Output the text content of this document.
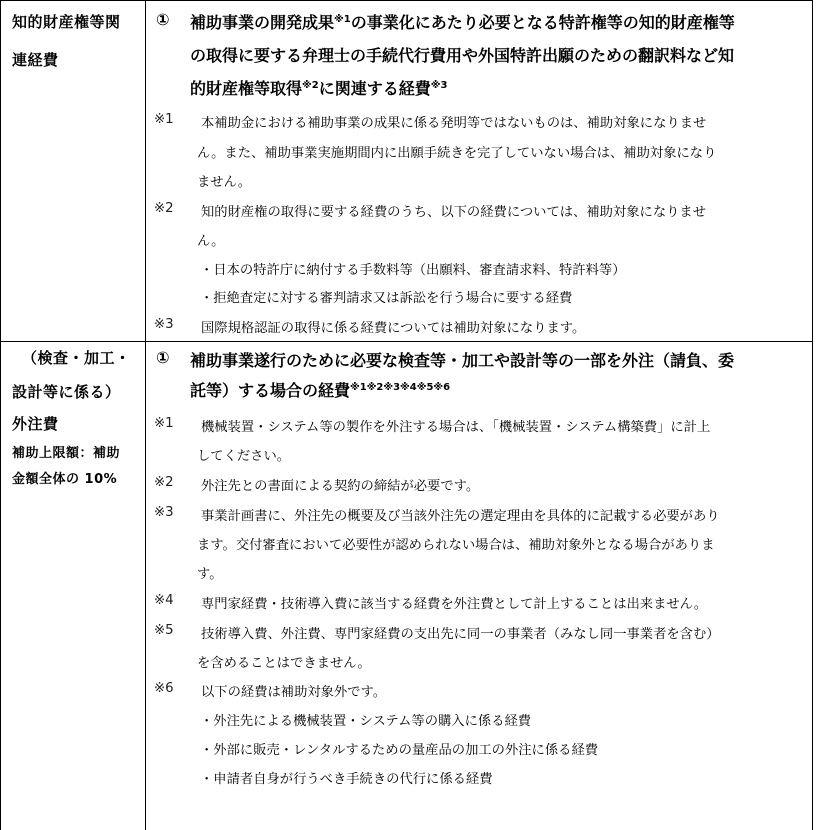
知的財産権等関
連経費
① 補助事業の開発成果$^{※1}$の事業化にあたり必要となる特許権等の知的財産権等
の取得に要する弁理士の手続代行費用や外国特許出願のための翻訳料など知
的財産権等取得$^{※2}$に関連する経費$^{※3}$
※1 本補助金における補助事業の成果に係る発明等ではないものは、補助対象になりませ
ん。また、補助事業実施期間内に出願手続きを完了していない場合は、補助対象になり
ません。
※2 知的財産権の取得に要する経費のうち、以下の経費については、補助対象になりませ
ん。
・日本の特許庁に納付する手数料等（出願料、審査請求料、特許料等）
・拒絶査定に対する審判請求又は訴訟を行う場合に要する経費
※3 国際規格認証の取得に係る経費については補助対象になります。
（検査・加工・
設計等に係る）
外注費
補助上限額：補助
金額全体の 10%
① 補助事業遂行のために必要な検査等・加工や設計等の一部を外注（請負、委
託等）する場合の経費$^{※1※2※3※4※5※6}$
※1 機械装置・システム等の製作を外注する場合は、「機械装置・システム構築費」に計上
してください。
※2 外注先との書面による契約の締結が必要です。
※3 事業計画書に、外注先の概要及び当該外注先の選定理由を具体的に記載する必要があり
ます。交付審査において必要性が認められない場合は、補助対象外となる場合がありま
す。
※4 専門家経費・技術導入費に該当する経費を外注費として計上することは出来ません。
※5 技術導入費、外注費、専門家経費の支出先に同一の事業者（みなし同一事業者を含む）
を含めることはできません。
※6 以下の経費は補助対象外です。
・外注先による機械装置・システム等の購入に係る経費
・外部に販売・レンタルするための量産品の加工の外注に係る経費
・申請者自身が行うべき手続きの代行に係る経費
